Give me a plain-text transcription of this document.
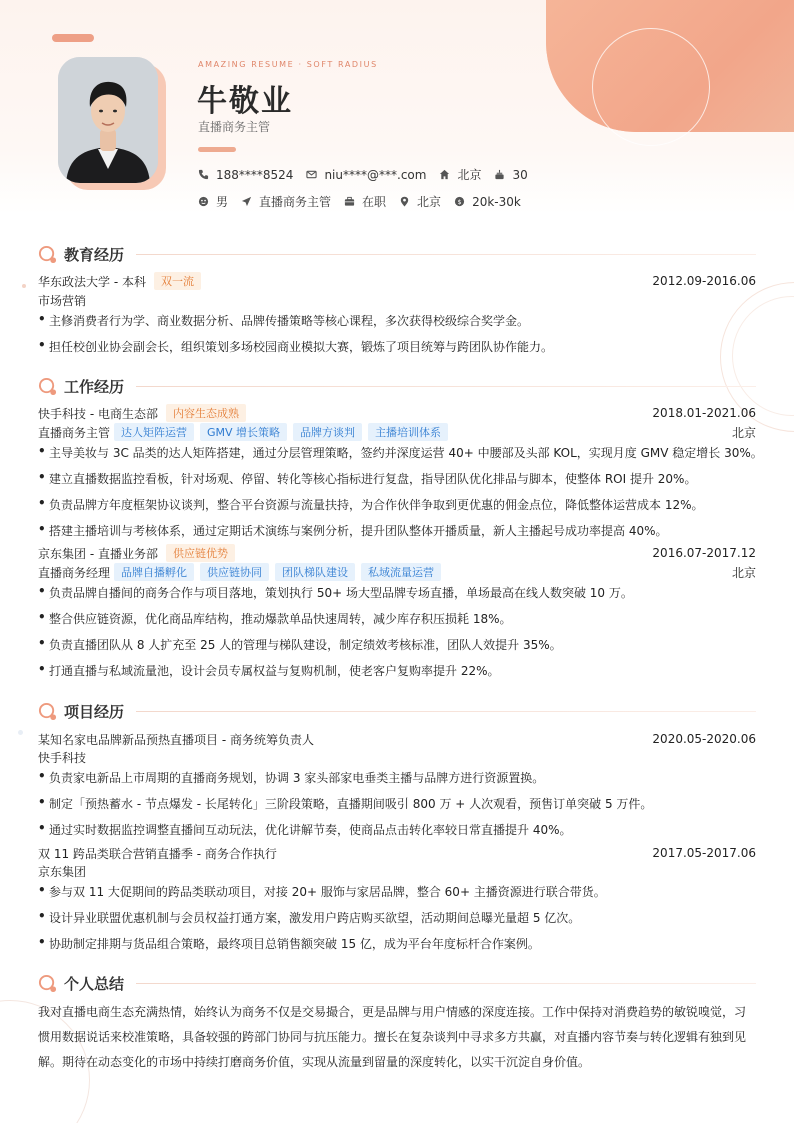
AMAZING RESUME · SOFT RADIUS
牛敬业
直播商务主管
188****8524	niu****@***.com	北京	30
男	直播商务主管	在职	北京 $ 20k-30k
教育经历
华东政法大学 - 本科	双一流	2012.09-2016.06
市场营销
• 主修消费者行为学、商业数据分析、品牌传播策略等核心课程，多次获得校级综合奖学金。
• 担任校创业协会副会长，组织策划多场校园商业模拟大赛，锻炼了项目统筹与跨团队协作能力。
工作经历
快手科技 - 电商生态部	内容生态成熟	2018.01-2021.06
直播商务主管	达人矩阵运营	GMV 增长策略	品牌方谈判	主播培训体系	北京
• 主导美妆与 3C 品类的达人矩阵搭建，通过分层管理策略，签约并深度运营 40+ 中腰部及头部 KOL，实现月度 GMV 稳定增长 30%。
• 建立直播数据监控看板，针对场观、停留、转化等核心指标进行复盘，指导团队优化排品与脚本，使整体 ROI 提升 20%。
• 负责品牌方年度框架协议谈判，整合平台资源与流量扶持，为合作伙伴争取到更优惠的佣金点位，降低整体运营成本 12%。
• 搭建主播培训与考核体系，通过定期话术演练与案例分析，提升团队整体开播质量，新人主播起号成功率提高 40%。
京东集团 - 直播业务部	供应链优势	2016.07-2017.12
直播商务经理	品牌自播孵化	供应链协同	团队梯队建设	私域流量运营	北京
• 负责品牌自播间的商务合作与项目落地，策划执行 50+ 场大型品牌专场直播，单场最高在线人数突破 10 万。
• 整合供应链资源，优化商品库结构，推动爆款单品快速周转，减少库存积压损耗 18%。
• 负责直播团队从 8 人扩充至 25 人的管理与梯队建设，制定绩效考核标准，团队人效提升 35%。
• 打通直播与私域流量池，设计会员专属权益与复购机制，使老客户复购率提升 22%。
项目经历
某知名家电品牌新品预热直播项目 - 商务统筹负责人	2020.05-2020.06
快手科技
• 负责家电新品上市周期的直播商务规划，协调 3 家头部家电垂类主播与品牌方进行资源置换。
• 制定「预热蓄水 - 节点爆发 - 长尾转化」三阶段策略，直播期间吸引 800 万 + 人次观看，预售订单突破 5 万件。
• 通过实时数据监控调整直播间互动玩法，优化讲解节奏，使商品点击转化率较日常直播提升 40%。
双 11 跨品类联合营销直播季 - 商务合作执行	2017.05-2017.06
京东集团
• 参与双 11 大促期间的跨品类联动项目，对接 20+ 服饰与家居品牌，整合 60+ 主播资源进行联合带货。
• 设计异业联盟优惠机制与会员权益打通方案，激发用户跨店购买欲望，活动期间总曝光量超 5 亿次。
• 协助制定排期与货品组合策略，最终项目总销售额突破 15 亿，成为平台年度标杆合作案例。
个人总结
我对直播电商生态充满热情，始终认为商务不仅是交易撮合，更是品牌与用户情感的深度连接。工作中保持对消费趋势的敏锐嗅觉，习
惯用数据说话来校准策略，具备较强的跨部门协同与抗压能力。擅长在复杂谈判中寻求多方共赢，对直播内容节奏与转化逻辑有独到见
解。期待在动态变化的市场中持续打磨商务价值，实现从流量到留量的深度转化，以实干沉淀自身价值。
